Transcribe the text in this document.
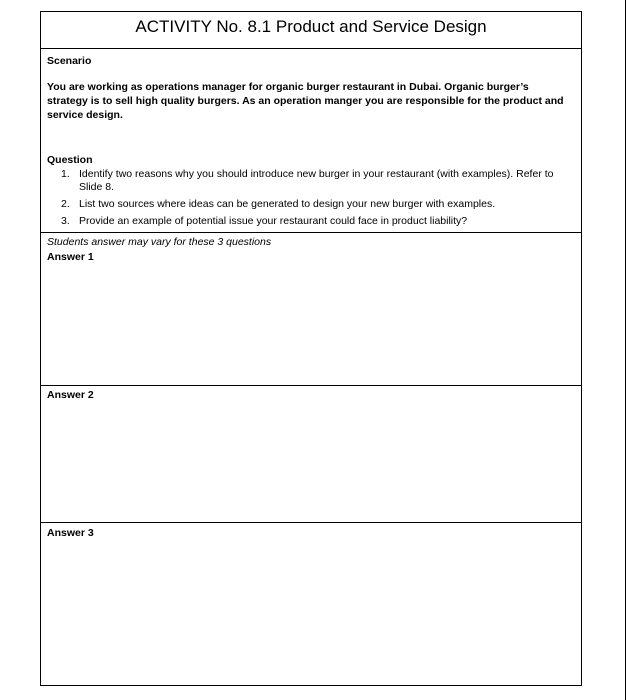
ACTIVITY No. 8.1 Product and Service Design
Scenario
You are working as operations manager for organic burger restaurant in Dubai. Organic burger’s strategy is to sell high quality burgers. As an operation manger you are responsible for the product and service design.
Question
1. Identify two reasons why you should introduce new burger in your restaurant (with examples). Refer to Slide 8.
2. List two sources where ideas can be generated to design your new burger with examples.
3. Provide an example of potential issue your restaurant could face in product liability?
Students answer may vary for these 3 questions
Answer 1
Answer 2
Answer 3
